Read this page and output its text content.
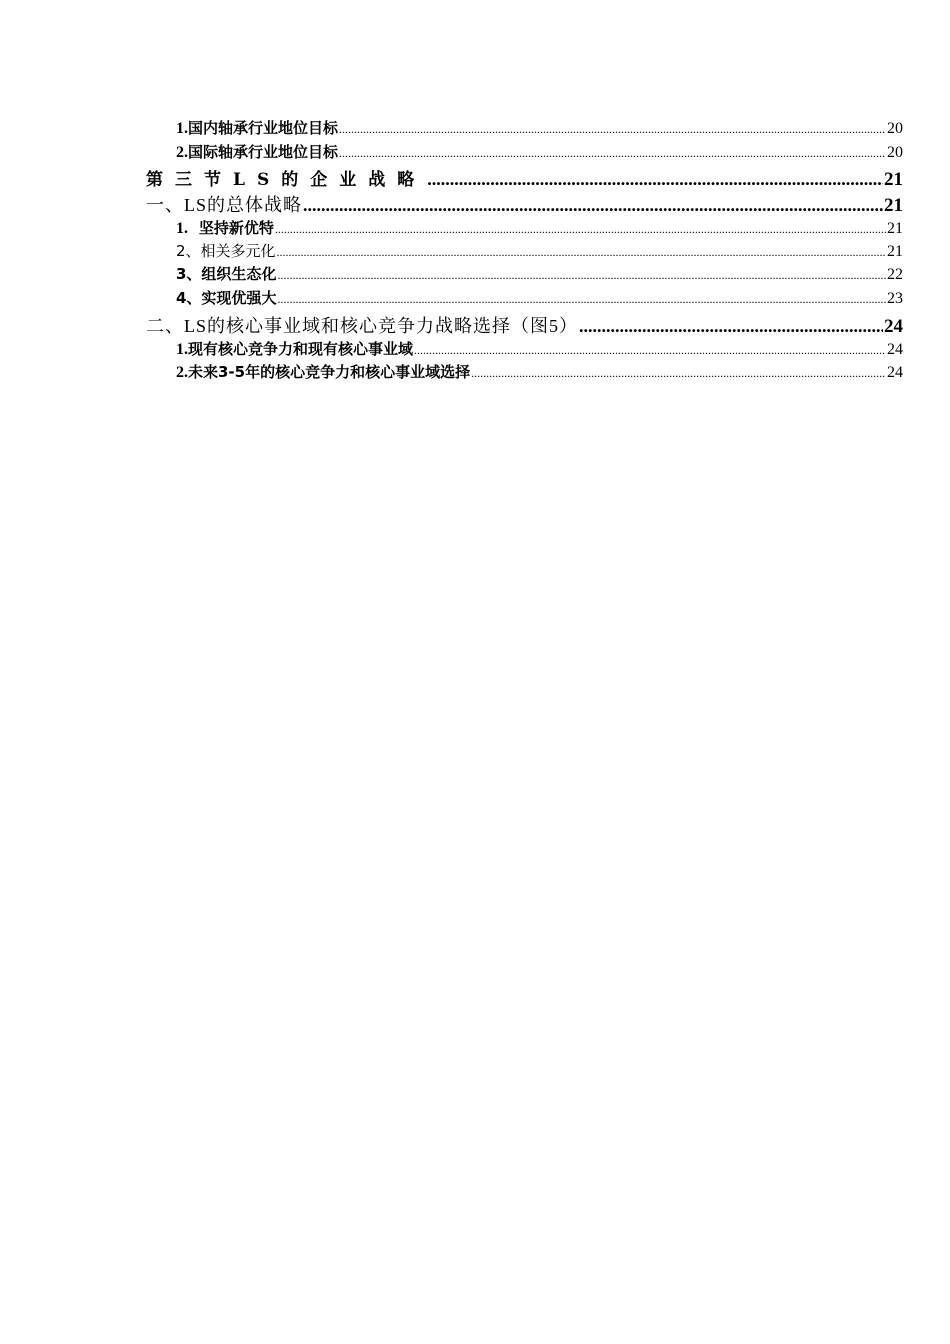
1. 国内轴承行业地位目标 .....	20
2. 国际轴承行业地位目标 .....	20
第三节LS的企业战略 .....	21
一、LS的总体战略 .....	21
1. 坚持新优特 .....	21
2、相关多元化 .....	21
3、组织生态化 .....	22
4、实现优强大 .....	23
二、LS的核心事业域和核心竞争力战略选择（图5） .....	24
1. 现有核心竞争力和现有核心事业域 .....	24
2. 未来3-5年的核心竞争力和核心事业域选择 .....	24
